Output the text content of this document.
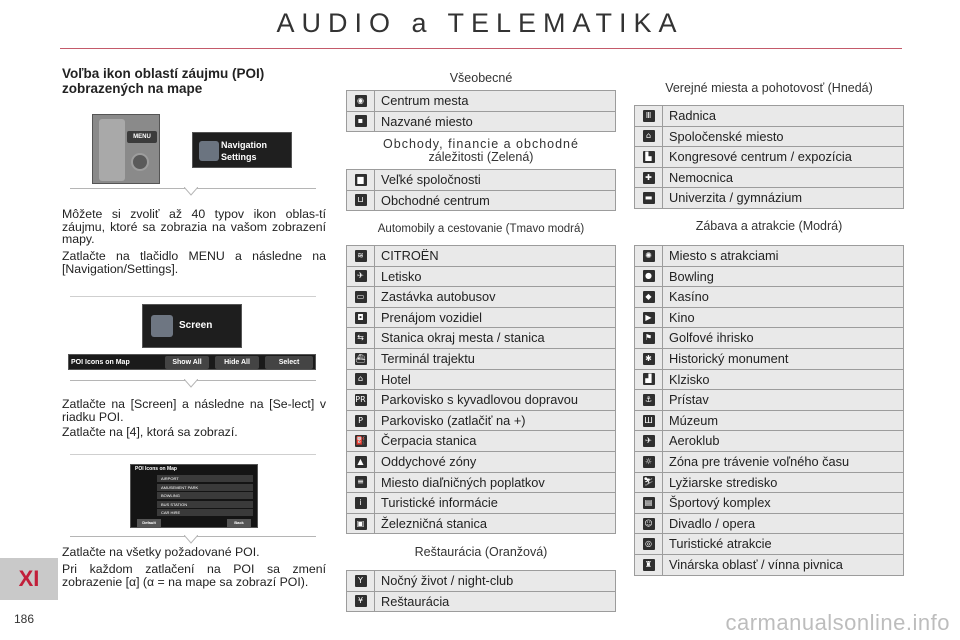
AUDIO a TELEMATIKA
Voľba ikon oblastí záujmu (POI) zobrazených na mape
MENU
Navigation
Settings
Môžete si zvoliť až 40 typov ikon oblas-tí záujmu, ktoré sa zobrazia na vašom zobrazení mapy.
Zatlačte na tlačidlo MENU a následne na [Navigation/Settings].
Screen
POI Icons on Map	Show All	Hide All	Select
Zatlačte na [Screen] a následne na [Se-lect] v riadku POI.
Zatlačte na [4], ktorá sa zobrazí.
POI Icons on Map
AIRPORT
AMUSEMENT PARK
BOWLING
BUS STATION
CAR HIRE
Default	Back
Zatlačte na všetky požadované POI.
Pri každom zatlačení na POI sa zmení zobrazenie [α] (α = na mape sa zobrazí POI).
Všeobecné
◉	Centrum mesta
▪	Nazvané miesto
Obchody, financie a obchodné
záležitosti (Zelená)
▆	Veľké spoločnosti
⊔	Obchodné centrum
Automobily a cestovanie (Tmavo modrá)
≋	CITROËN
✈	Letisko
▭	Zastávka autobusov
◘	Prenájom vozidiel
⇆	Stanica okraj mesta / stanica
⛴	Terminál trajektu
⌂	Hotel
PR	Parkovisko s kyvadlovou dopravou
P	Parkovisko (zatlačiť na +)
⛽	Čerpacia stanica
▲	Oddychové zóny
≡	Miesto diaľničných poplatkov
i	Turistické informácie
▣	Železničná stanica
Reštaurácia (Oranžová)
Y	Nočný život / night-club
¥	Reštaurácia
Verejné miesta a pohotovosť (Hnedá)
Ⅲ	Radnica
⌂	Spoločenské miesto
▙	Kongresové centrum / expozícia
✚	Nemocnica
▬	Univerzita / gymnázium
Zábava a atrakcie (Modrá)
✺	Miesto s atrakciami
●	Bowling
◆	Kasíno
▶	Kino
⚑	Golfové ihrisko
✱	Historický monument
▟	Klzisko
⚓	Prístav
Ш	Múzeum
✈	Aeroklub
☼	Zóna pre trávenie voľného času
⛷	Lyžiarske stredisko
▤	Športový komplex
☺	Divadlo / opera
◎	Turistické atrakcie
♜	Vinárska oblasť / vínna pivnica
XI
186	carmanualsonline.info
